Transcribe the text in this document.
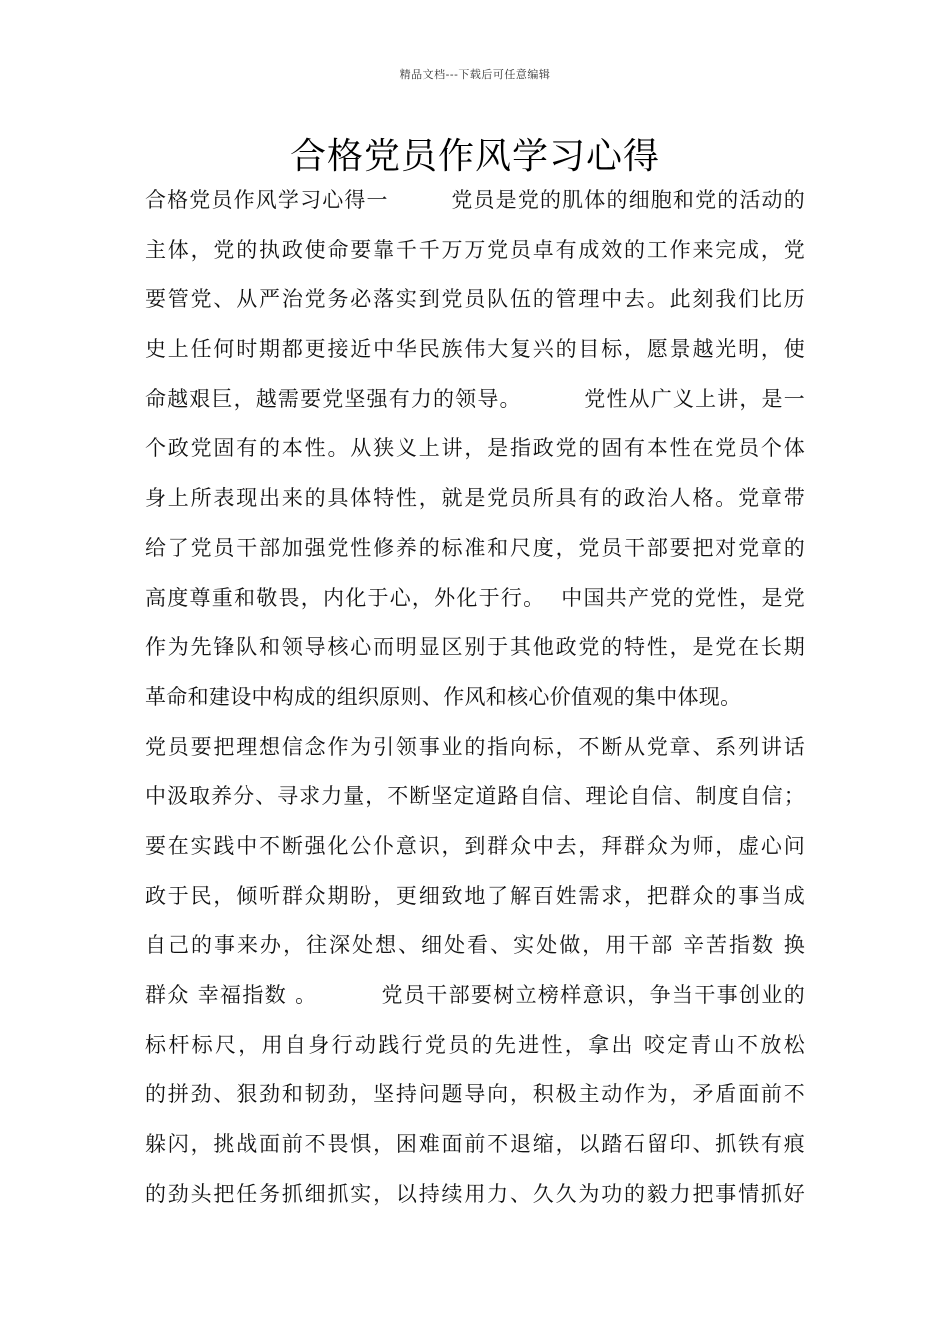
精品文档---下载后可任意编辑
合格党员作风学习心得
合格党员作风学习心得一        党员是党的肌体的细胞和党的活动的
主体，党的执政使命要靠千千万万党员卓有成效的工作来完成，党
要管党、从严治党务必落实到党员队伍的管理中去。此刻我们比历
史上任何时期都更接近中华民族伟大复兴的目标，愿景越光明，使
命越艰巨，越需要党坚强有力的领导。        党性从广义上讲，是一
个政党固有的本性。从狭义上讲，是指政党的固有本性在党员个体
身上所表现出来的具体特性，就是党员所具有的政治人格。党章带
给了党员干部加强党性修养的标准和尺度，党员干部要把对党章的
高度尊重和敬畏，内化于心，外化于行。  中国共产党的党性，是党
作为先锋队和领导核心而明显区别于其他政党的特性，是党在长期
革命和建设中构成的组织原则、作风和核心价值观的集中体现。
党员要把理想信念作为引领事业的指向标，不断从党章、系列讲话
中汲取养分、寻求力量，不断坚定道路自信、理论自信、制度自信；
要在实践中不断强化公仆意识，到群众中去，拜群众为师，虚心问
政于民，倾听群众期盼，更细致地了解百姓需求，把群众的事当成
自己的事来办，往深处想、细处看、实处做，用干部 辛苦指数 换
群众 幸福指数 。        党员干部要树立榜样意识，争当干事创业的
标杆标尺，用自身行动践行党员的先进性，拿出 咬定青山不放松
的拼劲、狠劲和韧劲，坚持问题导向，积极主动作为，矛盾面前不
躲闪，挑战面前不畏惧，困难面前不退缩，以踏石留印、抓铁有痕
的劲头把任务抓细抓实，以持续用力、久久为功的毅力把事情抓好
